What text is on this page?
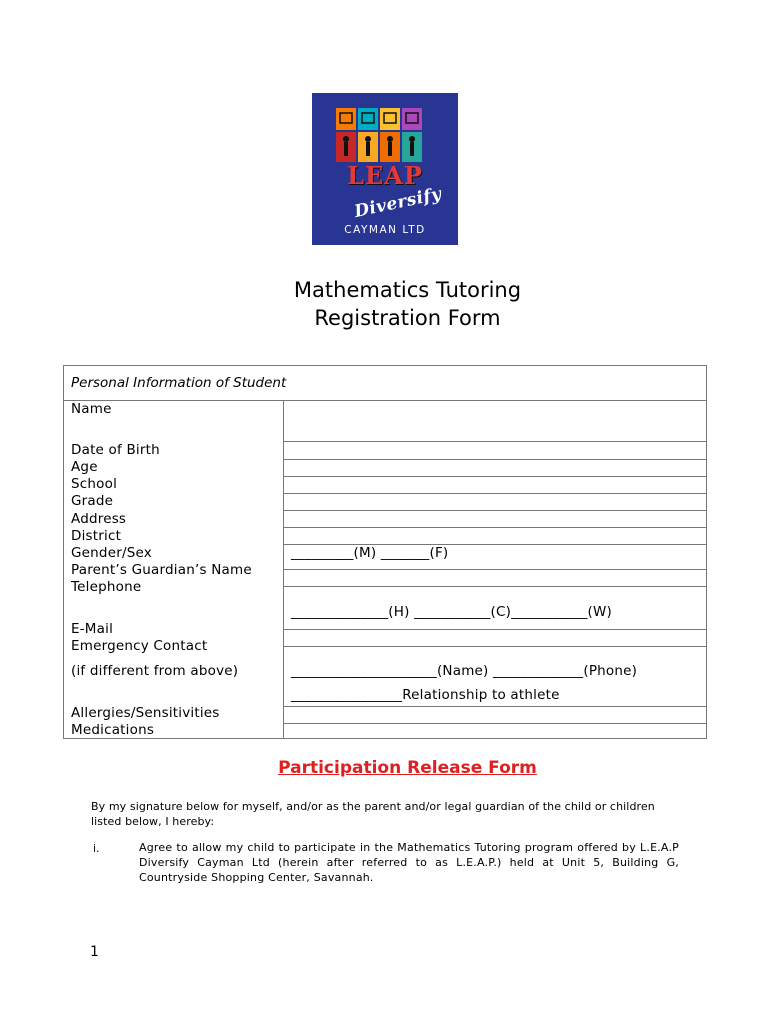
LEAP
Diversify
CAYMAN LTD
Mathematics Tutoring
Registration Form
Personal Information of Student
Name
Date of Birth
Age
School
Grade
Address
District
Gender/Sex
Parent’s Guardian’s Name
Telephone
E-Mail
Emergency Contact
(if different from above)
Allergies/Sensitivities
Medications
_________(M) _______(F)
______________(H) ___________(C)___________(W)
_____________________(Name) _____________(Phone)
________________Relationship to athlete
Participation Release Form
By my signature below for myself, and/or as the parent and/or legal guardian of the child or children listed below, I hereby:
i.	Agree to allow my child to participate in the Mathematics Tutoring program offered by L.E.A.P Diversify Cayman Ltd (herein after referred to as L.E.A.P.) held at Unit 5, Building G, Countryside Shopping Center, Savannah.
1
